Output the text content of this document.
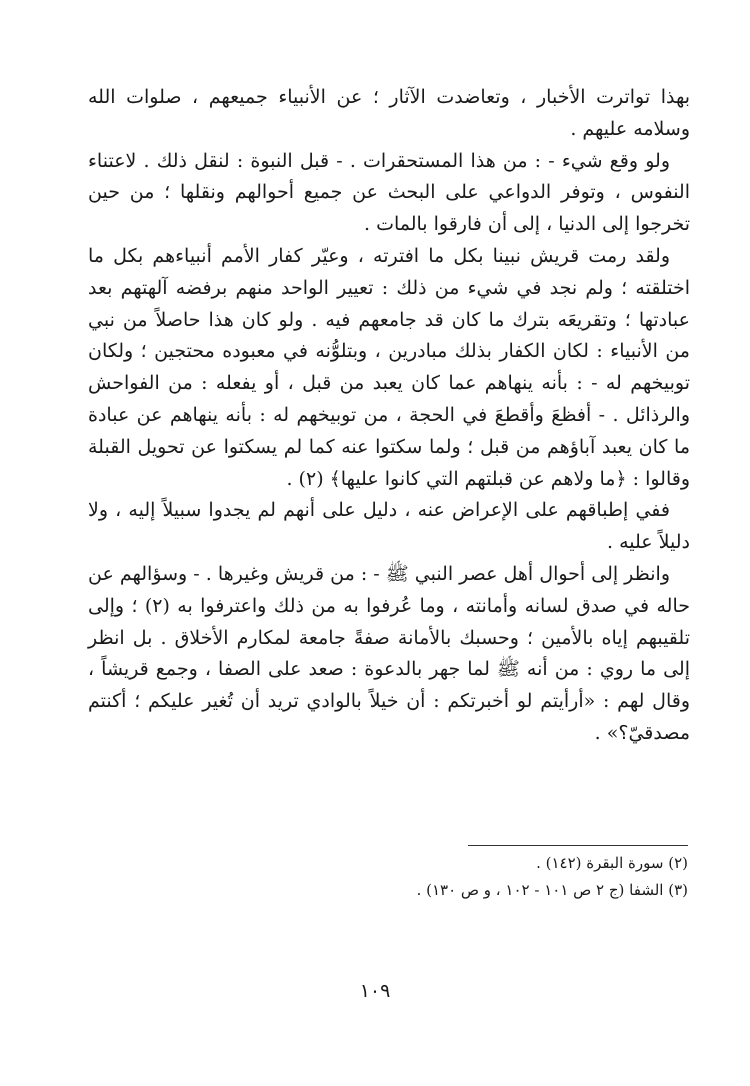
بهذا تواترت الأخبار ، وتعاضدت الآثار ؛ عن الأنبياء جميعهم ، صلوات الله وسلامه عليهم .

ولو وقع شيء - : من هذا المستحقرات . - قبل النبوة : لنقل ذلك . لاعتناء النفوس ، وتوفر الدواعي على البحث عن جميع أحوالهم ونقلها ؛ من حين تخرجوا إلى الدنيا ، إلى أن فارقوا بالمات .

ولقد رمت قريش نبينا بكل ما افترته ، وعيّر كفار الأمم أنبياءهم بكل ما اختلقته ؛ ولم نجد في شيء من ذلك : تعيير الواحد منهم برفضه آلهتهم بعد عبادتها ؛ وتقريعَه بترك ما كان قد جامعهم فيه . ولو كان هذا حاصلاً من نبي من الأنبياء : لكان الكفار بذلك مبادرين ، وبتلوُّنه في معبوده محتجين ؛ ولكان توبيخهم له - : بأنه ينهاهم عما كان يعبد من قبل ، أو يفعله : من الفواحش والرذائل . - أفظعَ وأقطعَ في الحجة ، من توبيخهم له : بأنه ينهاهم عن عبادة ما كان يعبد آباؤهم من قبل ؛ ولما سكتوا عنه كما لم يسكتوا عن تحويل القبلة وقالوا : ﴿ما ولاهم عن قبلتهم التي كانوا عليها﴾ (٢) .

ففي إطباقهم على الإعراض عنه ، دليل على أنهم لم يجدوا سبيلاً إليه ، ولا دليلاً عليه .

وانظر إلى أحوال أهل عصر النبي ﷺ - : من قريش وغيرها . - وسؤالهم عن حاله في صدق لسانه وأمانته ، وما عُرفوا به من ذلك واعترفوا به (٢) ؛ وإلى تلقيبهم إياه بالأمين ؛ وحسبك بالأمانة صفةً جامعة لمكارم الأخلاق . بل انظر إلى ما روي : من أنه ﷺ لما جهر بالدعوة : صعد على الصفا ، وجمع قريشاً ، وقال لهم : «أرأيتم لو أخبرتكم : أن خيلاً بالوادي تريد أن تُغير عليكم ؛ أكنتم مصدقيّ؟» .

(٢) سورة البقرة (١٤٢) .
(٣) الشفا (ج ٢ ص ١٠١ - ١٠٢ ، و ص ١٣٠) .
١٠٩
